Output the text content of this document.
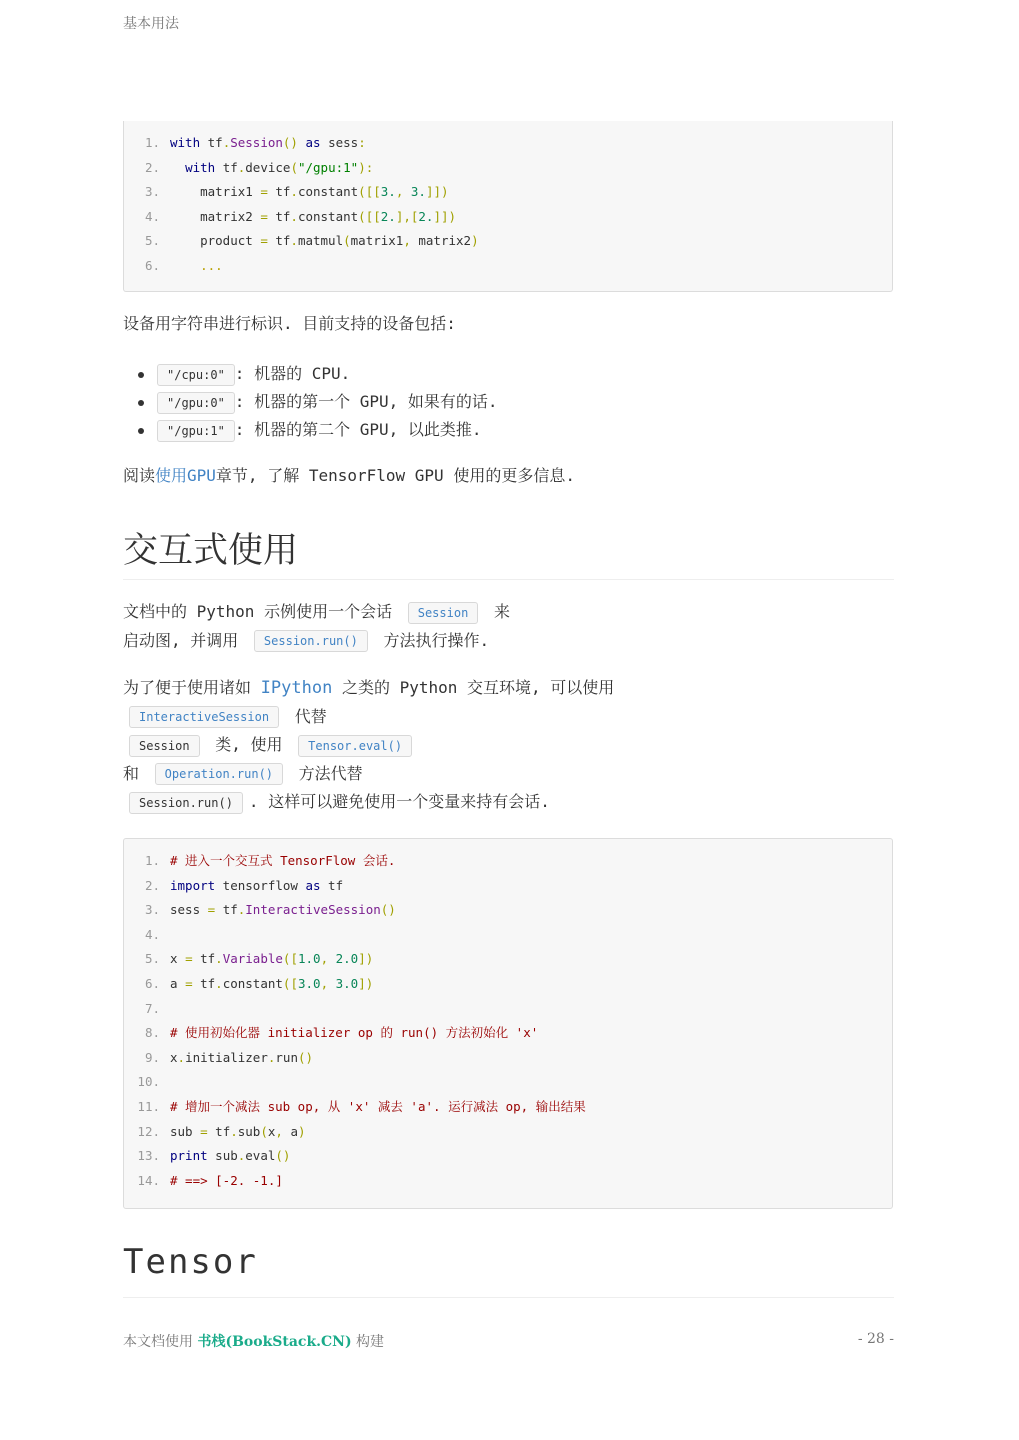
基本用法
1. with tf.Session() as sess:
2. with tf.device("/gpu:1"):
3.    matrix1 = tf.constant([[3., 3.]])
4.    matrix2 = tf.constant([[2.],[2.]])
5.    product = tf.matmul(matrix1, matrix2)
6.	...
设备用字符串进行标识. 目前支持的设备包括:
"/cpu:0" : 机器的 CPU.
"/gpu:0" : 机器的第一个 GPU, 如果有的话.
"/gpu:1" : 机器的第二个 GPU, 以此类推.
阅读使用GPU章节, 了解 TensorFlow GPU 使用的更多信息.
交互式使用
文档中的 Python 示例使用一个会话 Session 来
启动图, 并调用 Session.run() 方法执行操作.
为了便于使用诸如 IPython 之类的 Python 交互环境, 可以使用
InteractiveSession 代替
Session 类, 使用 Tensor.eval()
和 Operation.run() 方法代替
Session.run() . 这样可以避免使用一个变量来持有会话.
1. # 进入一个交互式 TensorFlow 会话.
2. import tensorflow as tf
3. sess = tf.InteractiveSession()
4.
5. x = tf.Variable([1.0, 2.0])
6. a = tf.constant([3.0, 3.0])
7.
8. # 使用初始化器 initializer op 的 run() 方法初始化 'x'
9. x.initializer.run()
10.
11. # 增加一个减法 sub op, 从 'x' 减去 'a'. 运行减法 op, 输出结果
12. sub = tf.sub(x, a)
13. print sub.eval()
14. # ==> [-2. -1.]
Tensor
本文档使用 书栈(BookStack.CN) 构建	- 28 -
